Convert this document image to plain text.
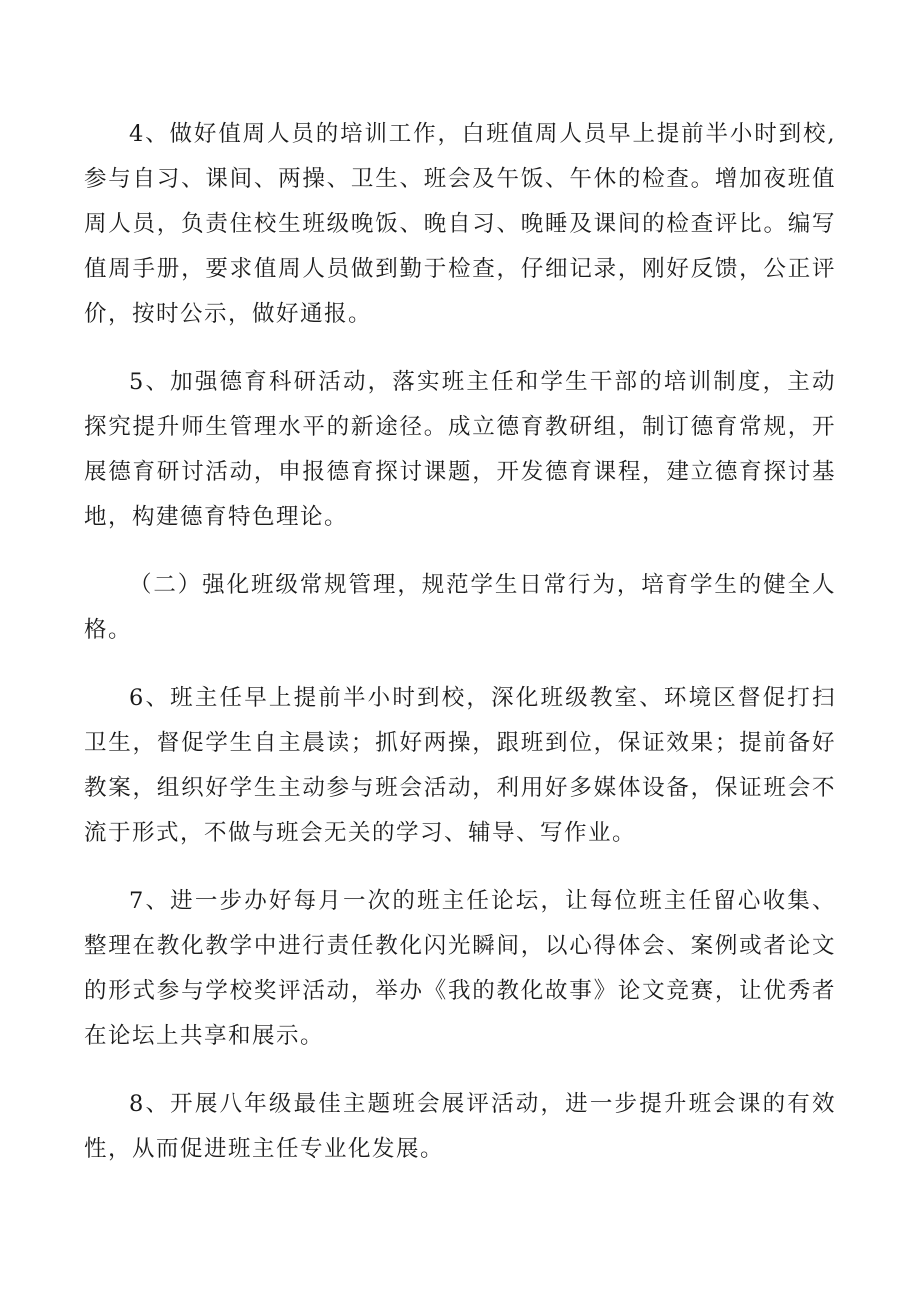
4、做好值周人员的培训工作，白班值周人员早上提前半小时到校,参与自习、课间、两操、卫生、班会及午饭、午休的检查。增加夜班值周人员，负责住校生班级晚饭、晚自习、晚睡及课间的检查评比。编写值周手册，要求值周人员做到勤于检查，仔细记录，刚好反馈，公正评价，按时公示，做好通报。

5、加强德育科研活动，落实班主任和学生干部的培训制度，主动探究提升师生管理水平的新途径。成立德育教研组，制订德育常规，开展德育研讨活动，申报德育探讨课题，开发德育课程，建立德育探讨基地，构建德育特色理论。

（二）强化班级常规管理，规范学生日常行为，培育学生的健全人格。

6、班主任早上提前半小时到校，深化班级教室、环境区督促打扫卫生，督促学生自主晨读；抓好两操，跟班到位，保证效果；提前备好教案，组织好学生主动参与班会活动，利用好多媒体设备，保证班会不流于形式，不做与班会无关的学习、辅导、写作业。

7、进一步办好每月一次的班主任论坛，让每位班主任留心收集、整理在教化教学中进行责任教化闪光瞬间，以心得体会、案例或者论文的形式参与学校奖评活动，举办《我的教化故事》论文竞赛，让优秀者在论坛上共享和展示。

8、开展八年级最佳主题班会展评活动，进一步提升班会课的有效性，从而促进班主任专业化发展。
